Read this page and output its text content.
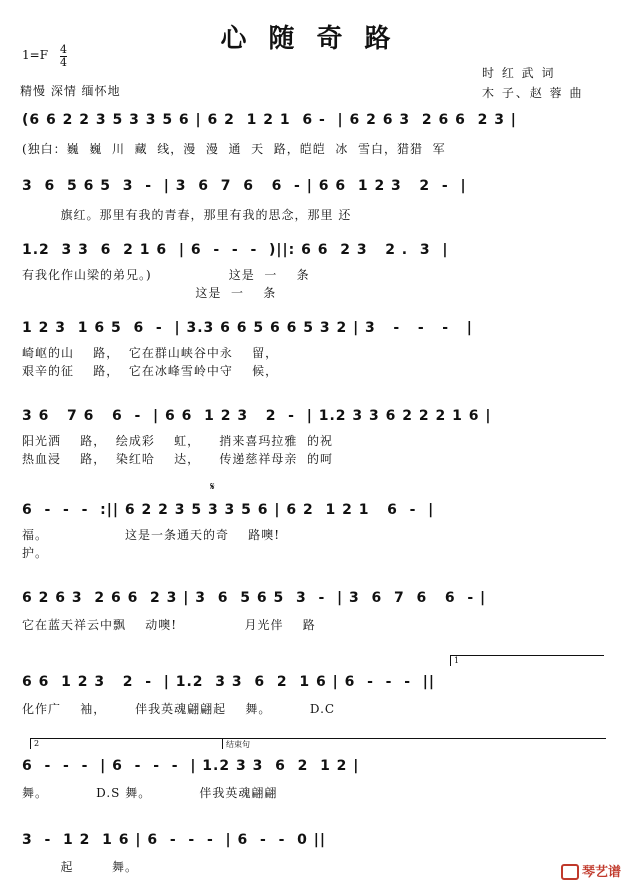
心随奇路
1=F 4
4
精慢 深情 缅怀地
时 红 武 词
木 子、赵 蓉 曲
(6 6 2 2 3 5 3 3 5 6 | 6 2  1 2 1  6 -  | 6 2 6 3  2 6 6  2 3 |
(独白：巍  巍  川  藏  线，漫  漫  通  天  路，皑皑  冰  雪白，猎猎  军
3  6  5 6 5  3  -  | 3  6  7  6   6  - | 6 6  1 2 3   2  -  |
旗红。那里有我的青春，那里有我的思念，那里 还
1.2  3 3  6  2 1 6  | 6  -  -  -  )||: 6 6  2 3   2 .  3  |
有我化作山梁的弟兄。)                这是  一    条
这是  一    条
1 2 3  1 6 5  6  -  | 3.3 6 6 5 6 6 5 3 2 | 3   -   -   -   |
崎岖的山    路，  它在群山峡谷中永    留，
艰辛的征    路，  它在冰峰雪岭中守    候，
3 6   7 6   6  -  | 6 6  1 2 3   2  -  | 1.2 3 3 6 2 2 2 1 6 |
阳光洒    路，  绘成彩    虹，    捎来喜玛拉雅  的祝
热血浸    路，  染红哈    达，    传递慈祥母亲  的呵
𝄋
6  -  -  -  :|| 6 2 2 3 5 3 3 5 6 | 6 2  1 2 1   6  -  |
福。                这是一条通天的奇    路噢!
护。
6 2 6 3  2 6 6  2 3 | 3  6  5 6 5  3  -  | 3  6  7  6   6  - |
它在蓝天祥云中飘    动噢!              月光伴    路
1
6 6  1 2 3   2  -  | 1.2  3 3  6  2  1 6 | 6  -  -  -  ||
化作广    袖，      伴我英魂翩翩起    舞。        D.C
2	结束句
6  -  -  -  | 6  -  -  -  | 1.2 3 3  6  2  1 2 |
舞。          D.S 舞。          伴我英魂翩翩
3  -  1 2  1 6 | 6  -  -  -  | 6  -  -  0 ||
起        舞。	琴艺谱
